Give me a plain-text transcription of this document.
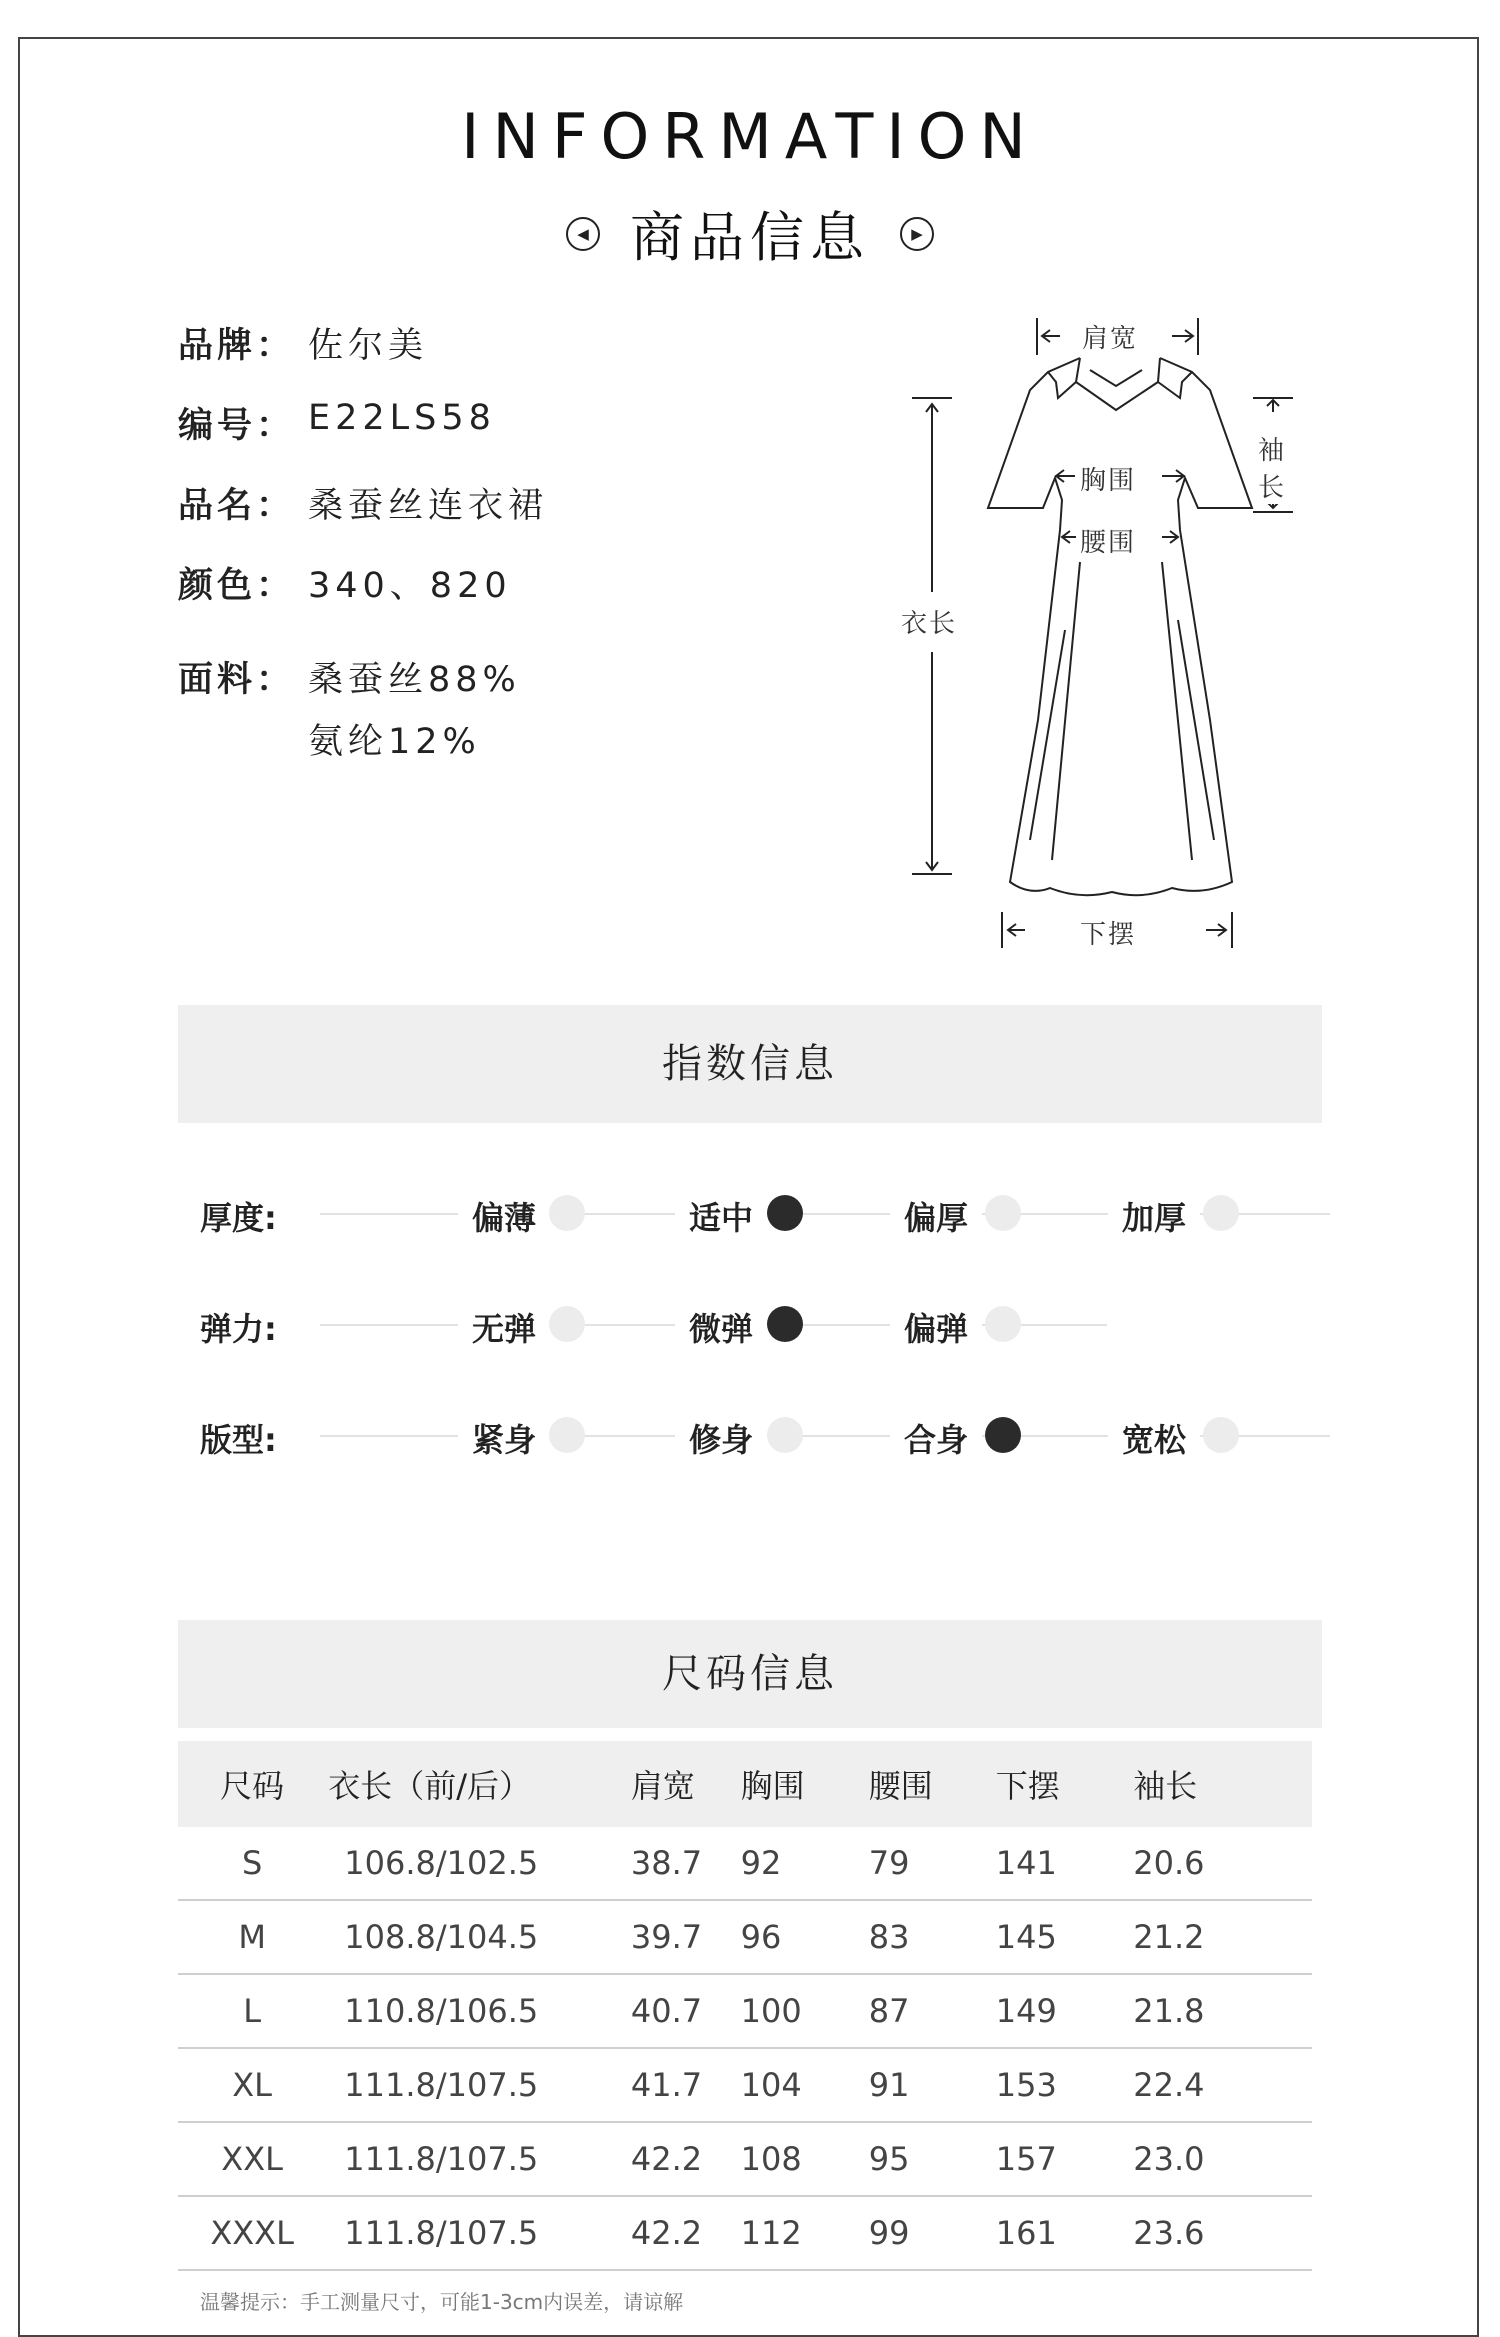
INFORMATION
◀ 商品信息	▶
品牌： 佐尔美
编号： E22LS58
品名： 桑蚕丝连衣裙
颜色： 340、820
面料： 桑蚕丝88%
氨纶12%
肩宽
袖长
胸围
腰围
衣长
下摆
指数信息
厚度:	偏薄	适中	偏厚	加厚
弹力:	无弹	微弹	偏弹
版型:	紧身	修身	合身	宽松
尺码信息
尺码	衣长（前/后）	肩宽	胸围	腰围	下摆	袖长
S	106.8/102.5	38.7	92	79	141	20.6
M	108.8/104.5	39.7	96	83	145	21.2
L	110.8/106.5	40.7	100	87	149	21.8
XL	111.8/107.5	41.7	104	91	153	22.4
XXL	111.8/107.5	42.2	108	95	157	23.0
XXXL	111.8/107.5	42.2	112	99	161	23.6
温馨提示：手工测量尺寸，可能1-3cm内误差，请谅解
